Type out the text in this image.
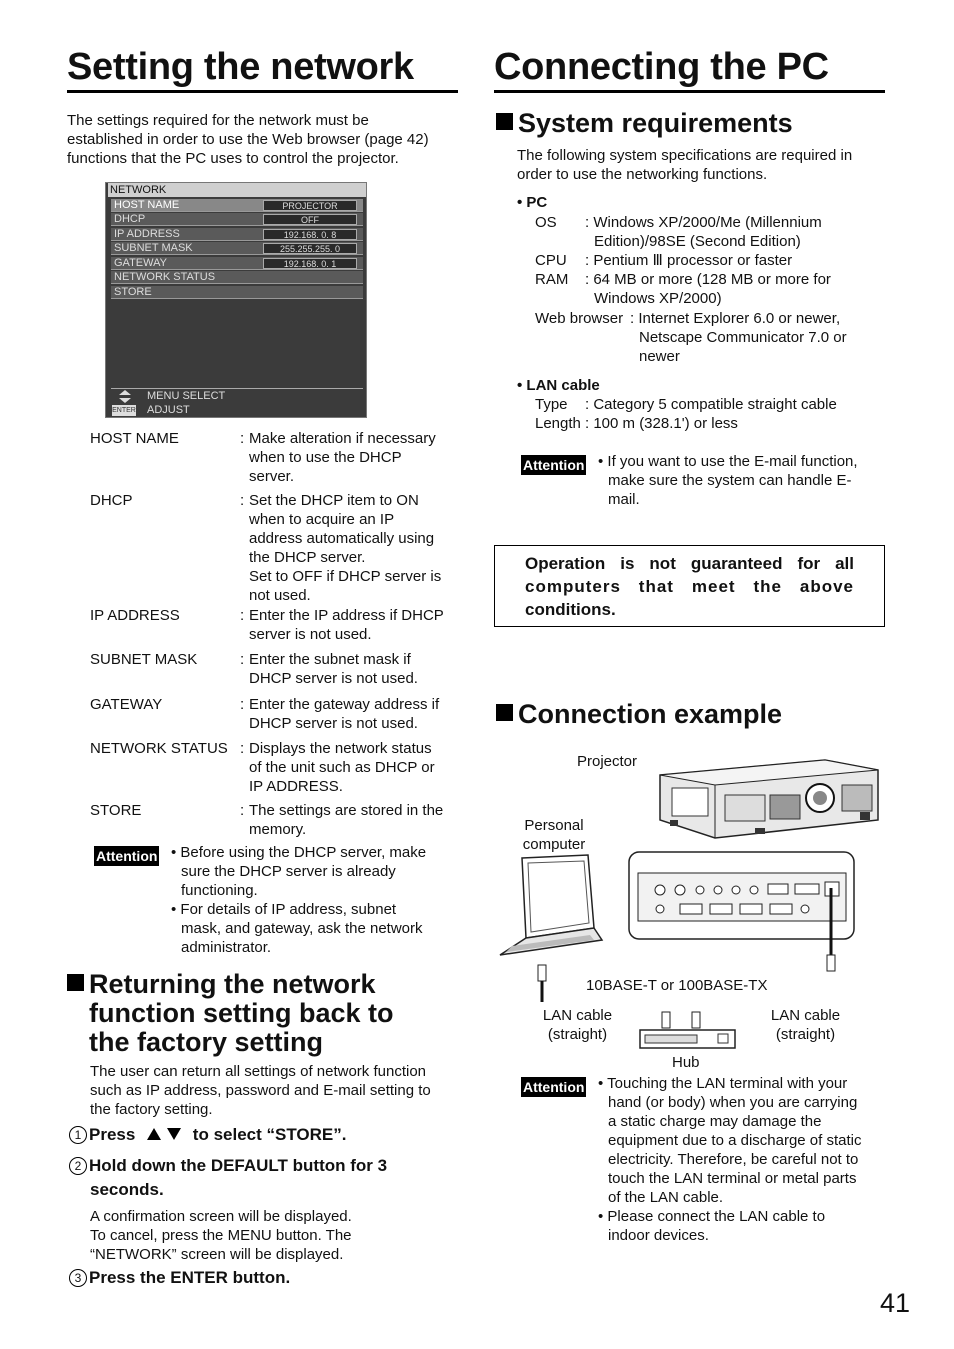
Setting the network
The settings required for the network must be
established in order to use the Web browser (page 42)
functions that the PC uses to control the projector.
NETWORK
HOST NAME	PROJECTOR
DHCP	OFF
IP ADDRESS	192.168. 0. 8
SUBNET MASK	255.255.255. 0
GATEWAY	192.168. 0. 1
NETWORK STATUS
STORE
MENU SELECT
ENTER ADJUST
HOST NAME	: Make alteration if necessary
when to use the DHCP
server.
DHCP	: Set the DHCP item to ON
when to acquire an IP
address automatically using
the DHCP server.
Set to OFF if DHCP server is
not used.
IP ADDRESS	: Enter the IP address if DHCP
server is not used.
SUBNET MASK	: Enter the subnet mask if
DHCP server is not used.
GATEWAY	: Enter the gateway address if
DHCP server is not used.
NETWORK STATUS : Displays the network status
of the unit such as DHCP or
IP ADDRESS.
STORE	: The settings are stored in the
memory.
Attention • Before using the DHCP server, make
sure the DHCP server is already
functioning.
• For details of IP address, subnet
mask, and gateway, ask the network
administrator.
Returning the network
function setting back to
the factory setting
The user can return all settings of network function
such as IP address, password and E-mail setting to
the factory setting.
1 Press	to select “STORE”.
2 Hold down the DEFAULT button for 3
seconds.
A confirmation screen will be displayed.
To cancel, press the MENU button. The
“NETWORK” screen will be displayed.
3 Press the ENTER button.
Connecting the PC
System requirements
The following system specifications are required in
order to use the networking functions.
• PC
OS : Windows XP/2000/Me (Millennium
Edition)/98SE (Second Edition)
CPU : Pentium Ⅲ processor or faster
RAM : 64 MB or more (128 MB or more for
Windows XP/2000)
Web browser : Internet Explorer 6.0 or newer,
Netscape Communicator 7.0 or
newer
• LAN cable
Type : Category 5 compatible straight cable
Length : 100 m (328.1') or less
Attention • If you want to use the E-mail function,
make sure the system can handle E-
mail.
Operation is not guaranteed for all
computers that meet the above
conditions.
Connection example
Projector
Personal
computer
10BASE-T or 100BASE-TX
LAN cable
(straight)
LAN cable
(straight)
Hub
Attention • Touching the LAN terminal with your
hand (or body) when you are carrying
a static charge may damage the
equipment due to a discharge of static
electricity. Therefore, be careful not to
touch the LAN terminal or metal parts
of the LAN cable.
• Please connect the LAN cable to
indoor devices.
41
